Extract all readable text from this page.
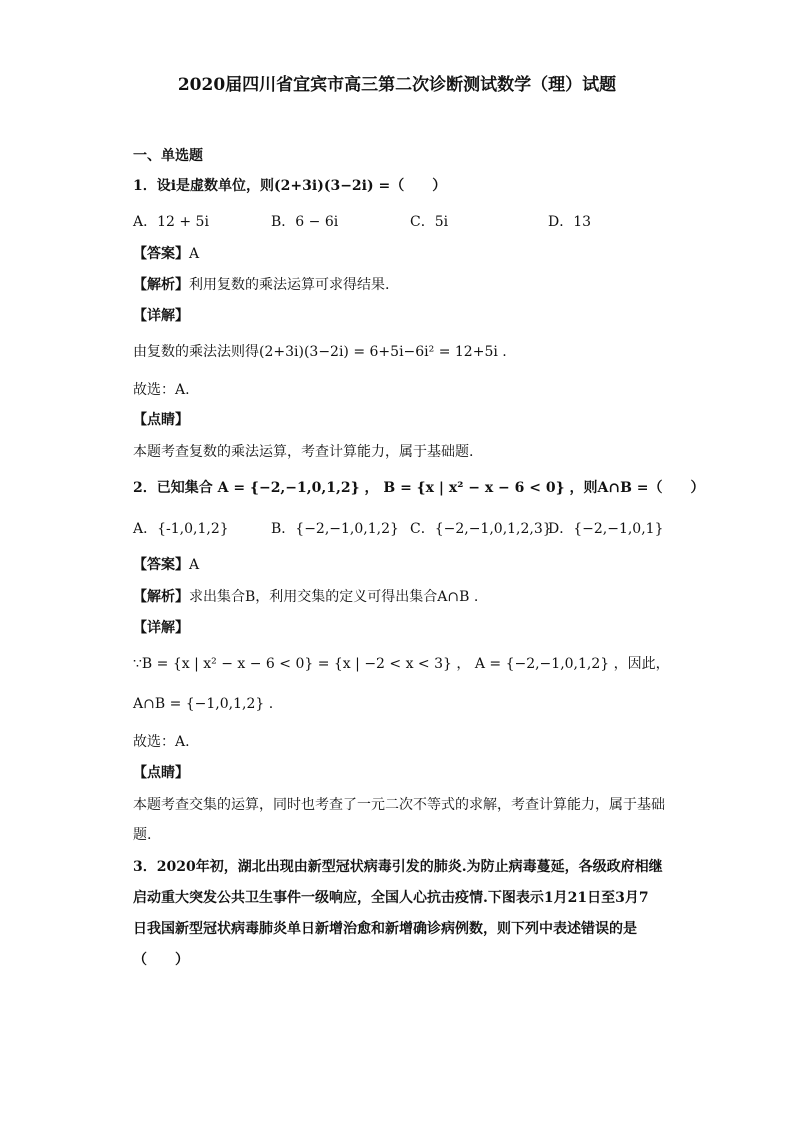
2020届四川省宜宾市高三第二次诊断测试数学（理）试题
一、单选题
1．设i是虚数单位，则(2+3i)(3−2i) =（　　）
A．12 + 5i	B．6 − 6i	C．5i	D．13
【答案】A
【解析】利用复数的乘法运算可求得结果.
【详解】
由复数的乘法法则得(2+3i)(3−2i) = 6+5i−6i² = 12+5i .
故选：A.
【点睛】
本题考查复数的乘法运算，考查计算能力，属于基础题.
2．已知集合 A = {−2,−1,0,1,2} ， B = {x | x² − x − 6 < 0} ，则A∩B =（　　）
A．{-1,0,1,2}	B．{−2,−1,0,1,2} C．{−2,−1,0,1,2,3}
D．{−2,−1,0,1}
【答案】A
【解析】求出集合B，利用交集的定义可得出集合A∩B .
【详解】
∵B = {x | x² − x − 6 < 0} = {x | −2 < x < 3} ， A = {−2,−1,0,1,2} ，因此，
A∩B = {−1,0,1,2} .
故选：A.
【点睛】
本题考查交集的运算，同时也考查了一元二次不等式的求解，考查计算能力，属于基础
题.
3．2020年初，湖北出现由新型冠状病毒引发的肺炎.为防止病毒蔓延，各级政府相继
启动重大突发公共卫生事件一级响应，全国人心抗击疫情.下图表示1月21日至3月7
日我国新型冠状病毒肺炎单日新增治愈和新增确诊病例数，则下列中表述错误的是
（　　）
